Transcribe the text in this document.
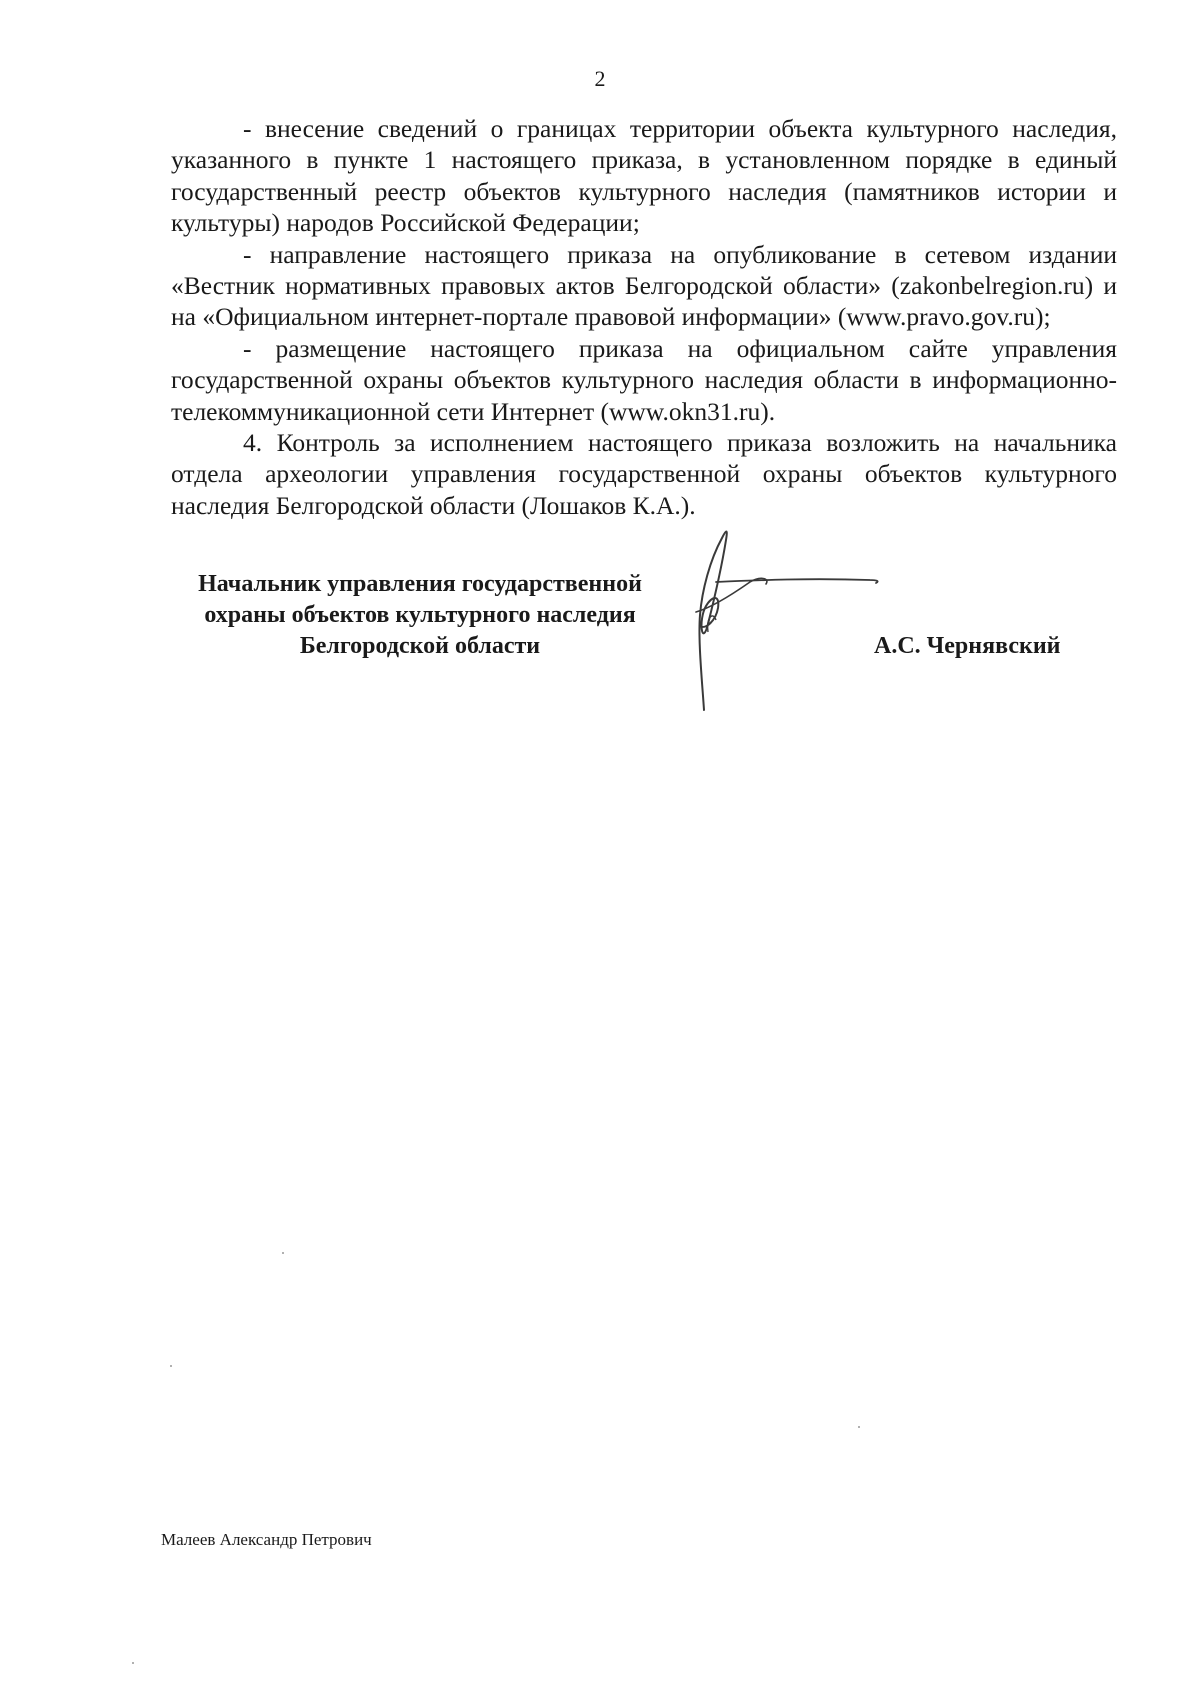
2

- внесение сведений о границах территории объекта культурного наследия, указанного в пункте 1 настоящего приказа, в установленном порядке в единый государственный реестр объектов культурного наследия (памятников истории и культуры) народов Российской Федерации;

- направление настоящего приказа на опубликование в сетевом издании «Вестник нормативных правовых актов Белгородской области» (zakonbelregion.ru) и на «Официальном интернет-портале правовой информации» (www.pravo.gov.ru);

- размещение настоящего приказа на официальном сайте управления государственной охраны объектов культурного наследия области в информационно-телекоммуникационной сети Интернет (www.okn31.ru).

4. Контроль за исполнением настоящего приказа возложить на начальника отдела археологии управления государственной охраны объектов культурного наследия Белгородской области (Лошаков К.А.).

Начальник управления государственной
охраны объектов культурного наследия
Белгородской области	А.С. Чернявский
Малеев Александр Петрович
